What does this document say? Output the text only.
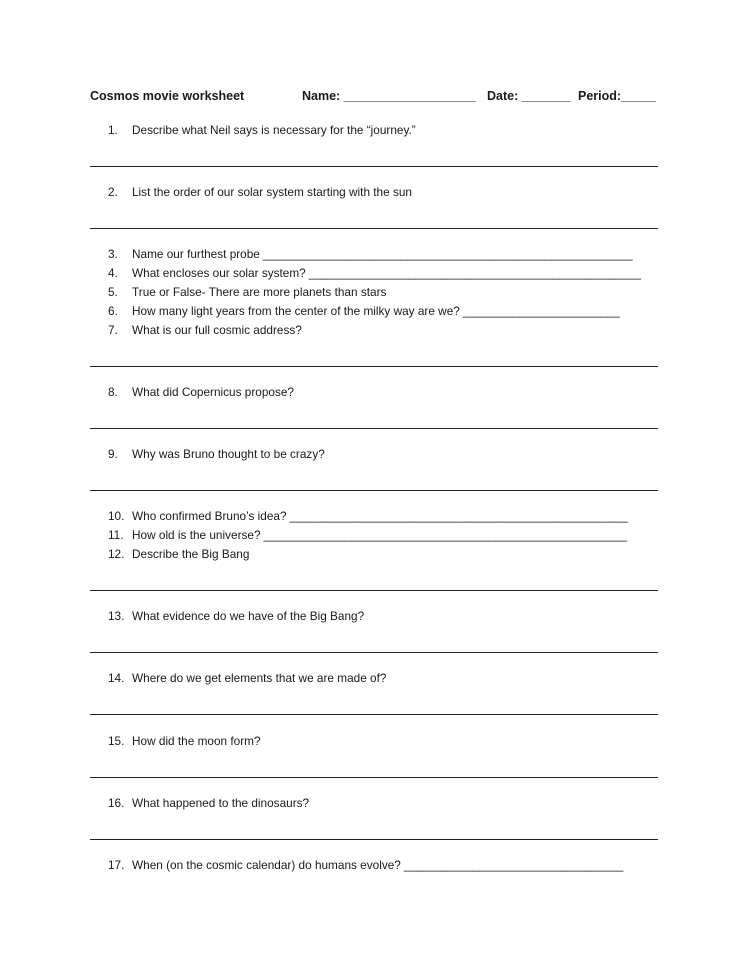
Cosmos movie worksheet	Name: ___________________ Date: _______ Period:_____
1. Describe what Neil says is necessary for the “journey.”
2. List the order of our solar system starting with the sun
3. Name our furthest probe ___________________________________________________________
4. What encloses our solar system? _____________________________________________________
5. True or False- There are more planets than stars
6. How many light years from the center of the milky way are we? _________________________
7. What is our full cosmic address?
8. What did Copernicus propose?
9. Why was Bruno thought to be crazy?
10. Who confirmed Bruno’s idea? ______________________________________________________
11. How old is the universe? __________________________________________________________
12. Describe the Big Bang
13. What evidence do we have of the Big Bang?
14. Where do we get elements that we are made of?
15. How did the moon form?
16. What happened to the dinosaurs?
17. When (on the cosmic calendar) do humans evolve? ___________________________________
